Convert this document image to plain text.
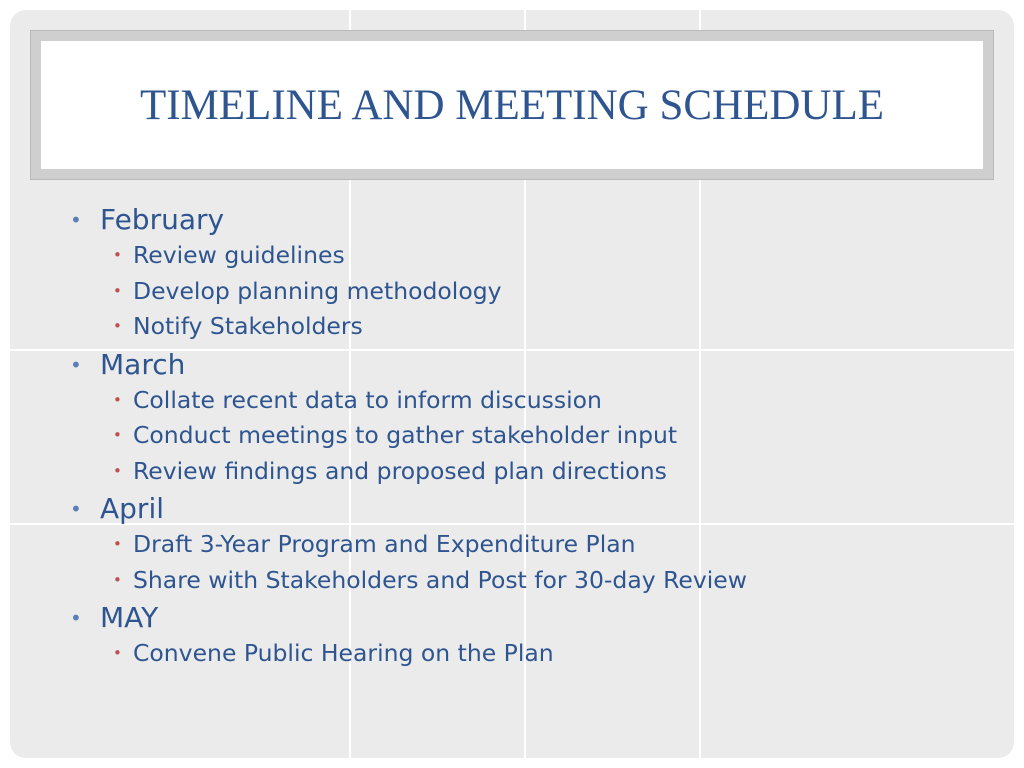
TIMELINE AND MEETING SCHEDULE
• February
• Review guidelines
• Develop planning methodology
• Notify Stakeholders
• March
• Collate recent data to inform discussion
• Conduct meetings to gather stakeholder input
• Review findings and proposed plan directions
• April
• Draft 3-Year Program and Expenditure Plan
• Share with Stakeholders and Post for 30-day Review
• MAY
• Convene Public Hearing on the Plan
